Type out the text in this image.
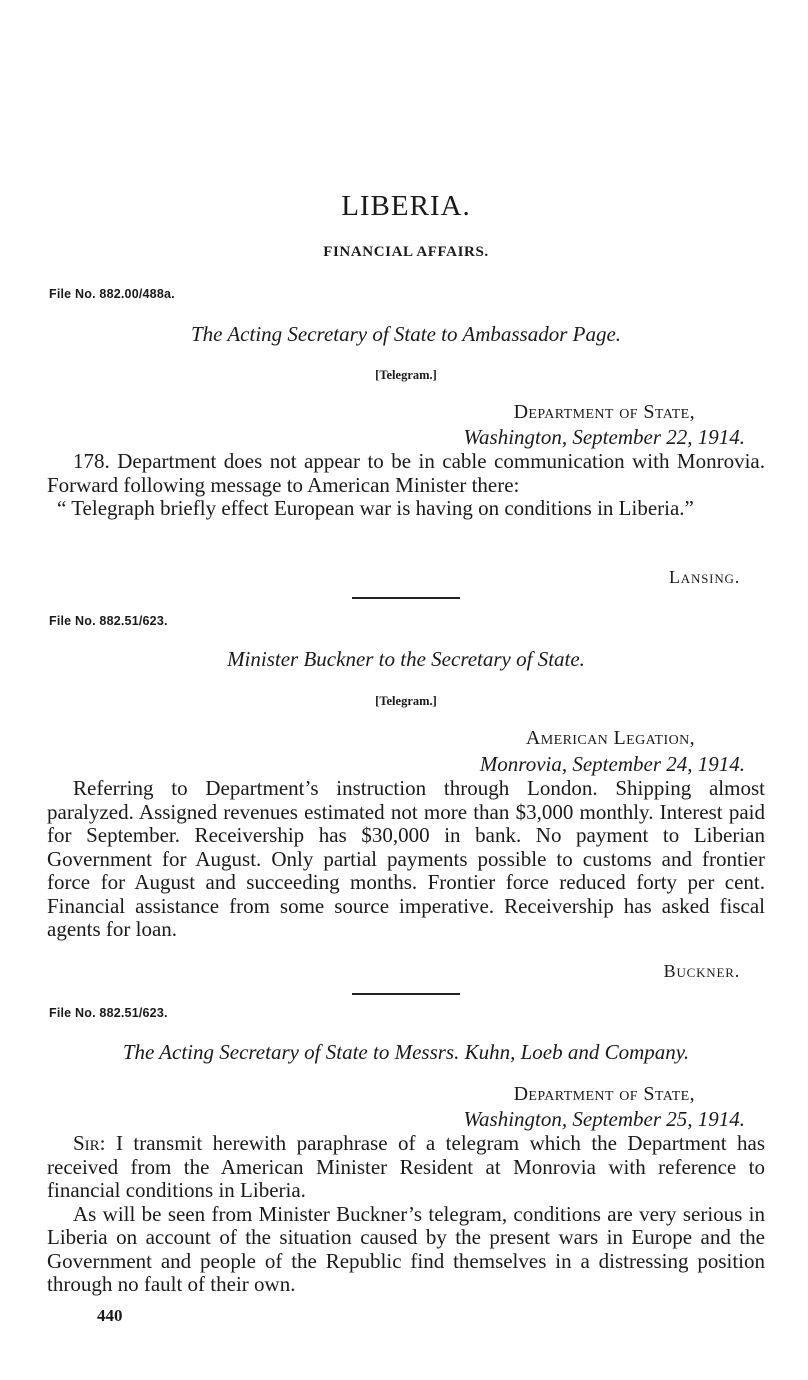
LIBERIA.
FINANCIAL AFFAIRS.
File No. 882.00/488a.
The Acting Secretary of State to Ambassador Page.
[Telegram.]
Department of State,
Washington, September 22, 1914.

178. Department does not appear to be in cable communication with Monrovia. Forward following message to American Minister there:

“ Telegraph briefly effect European war is having on conditions in Liberia.”

Lansing.
File No. 882.51/623.
Minister Buckner to the Secretary of State.
[Telegram.]
American Legation,
Monrovia, September 24, 1914.

Referring to Department’s instruction through London. Shipping almost paralyzed. Assigned revenues estimated not more than $3,000 monthly. Interest paid for September. Receivership has $30,000 in bank. No payment to Liberian Government for August. Only partial payments possible to customs and frontier force for August and succeeding months. Frontier force reduced forty per cent. Financial assistance from some source imperative. Receivership has asked fiscal agents for loan.

Buckner.
File No. 882.51/623.
The Acting Secretary of State to Messrs. Kuhn, Loeb and Company.
Department of State,
Washington, September 25, 1914.

Sir: I transmit herewith paraphrase of a telegram which the Department has received from the American Minister Resident at Monrovia with reference to financial conditions in Liberia.

As will be seen from Minister Buckner’s telegram, conditions are very serious in Liberia on account of the situation caused by the present wars in Europe and the Government and people of the Republic find themselves in a distressing position through no fault of their own.

440
